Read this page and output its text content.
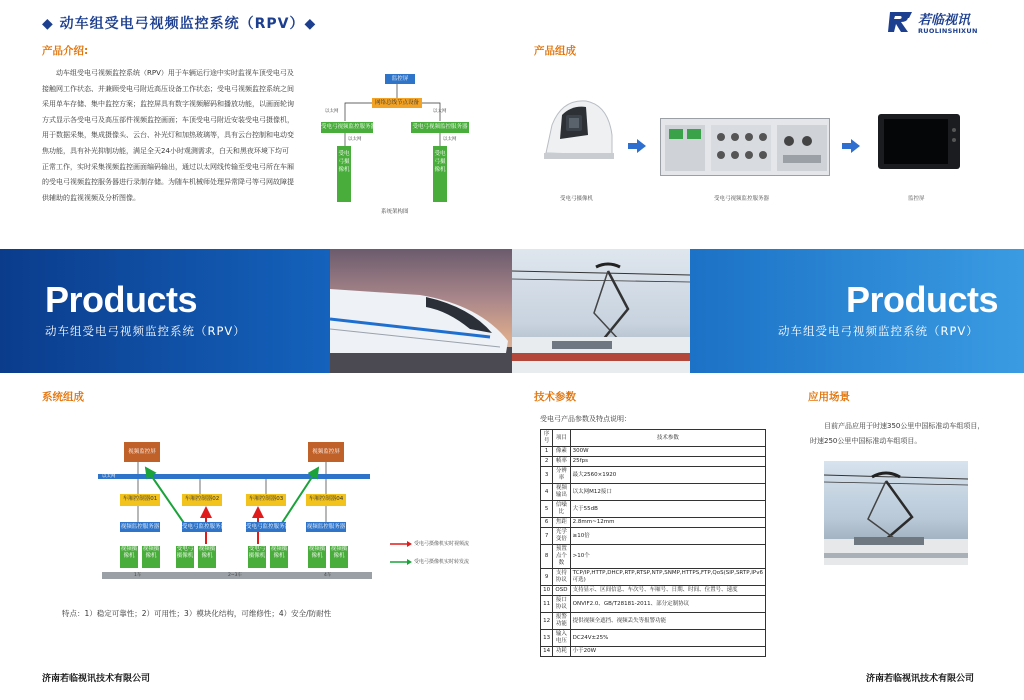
◆ 动车组受电弓视频监控系统（RPV）◆	若临视讯
RUOLINSHIXUN
产品介绍:
动车组受电弓视频监控系统（RPV）用于车辆运行途中实时监视车顶受电弓及接触网工作状态、并兼顾受电弓附近高压设备工作状态；受电弓视频监控系统之间采用单车存储、集中监控方案；监控屏具有数字视频解码和播放功能，以画面轮询方式显示各受电弓及高压部件视频监控画面；车顶受电弓附近安装受电弓摄像机，用于数据采集，集成摄像头、云台、补光灯和加热玻璃等，具有云台控制和电动变焦功能，具有补光抑制功能，满足全天24小时观测需求，白天和黑夜环境下均可正常工作，实时采集视频监控画面编码输出，通过以太网线传输至受电弓所在车厢的受电弓视频监控服务器进行录制存储。为随车机械师处理异常降弓等弓网故障提供辅助的监视视频及分析图像。
监控屏
网络总线节点设备
受电弓视频监控服务器	受电弓视频监控服务器
受电弓摄像机
受电弓摄像机
以太网	以太网
以太网	以太网
系统架构图
产品组成
受电弓摄像机	受电弓视频监控服务器	监控屏
Products
动车组受电弓视频监控系统（RPV）
Products
动车组受电弓视频监控系统（RPV）
系统组成
视频监控屏	视频监控屏
以太网
车厢控制器01	车厢控制器02	车厢控制器03	车厢控制器04
视频监控服务器	受电弓监控服务器	受电弓监控服务器	视频监控服务器
视频摄像机
视频摄像机
受电弓摄像机
视频摄像机
受电弓摄像机
视频摄像机
视频摄像机
视频摄像机
1车	2~3车	4车
受电弓摄像机实时视频流
受电弓摄像机实时转发流
特点：1）稳定可靠性；2）可用性；3）模块化结构，可维修性；4）安全/防耐性
技术参数
受电弓产品参数及特点说明：
序号	项目	技术参数
1	像素	300W
2	帧率	25fps
3	分辨率	最大2560×1920
4	视频输出	以太网M12接口
5	信噪比	大于55dB
6	焦距	2.8mm~12mm
7	光学变倍	≥10倍
8	预置点个数	>10个
9	支持协议	TCP/IP,HTTP,DHCP,RTP,RTSP,NTP,SNMP,HTTPS,FTP,QoS(SIP,SRTP,IPv6可选)
10	OSD	支持显示、区间信息、车次号、车厢号、日期、时间、位置号、速度
11	接口协议	ONVIF2.0、GB/T28181-2011、部分定制协议
12	报警功能	提供视频全遮挡、视频丢失等报警功能
13	输入电压	DC24V±25%
14	功耗	小于20W
应用场景
目前产品应用于时速350公里中国标准动车组项目，时速250公里中国标准动车组项目。
济南若临视讯技术有限公司	济南若临视讯技术有限公司
